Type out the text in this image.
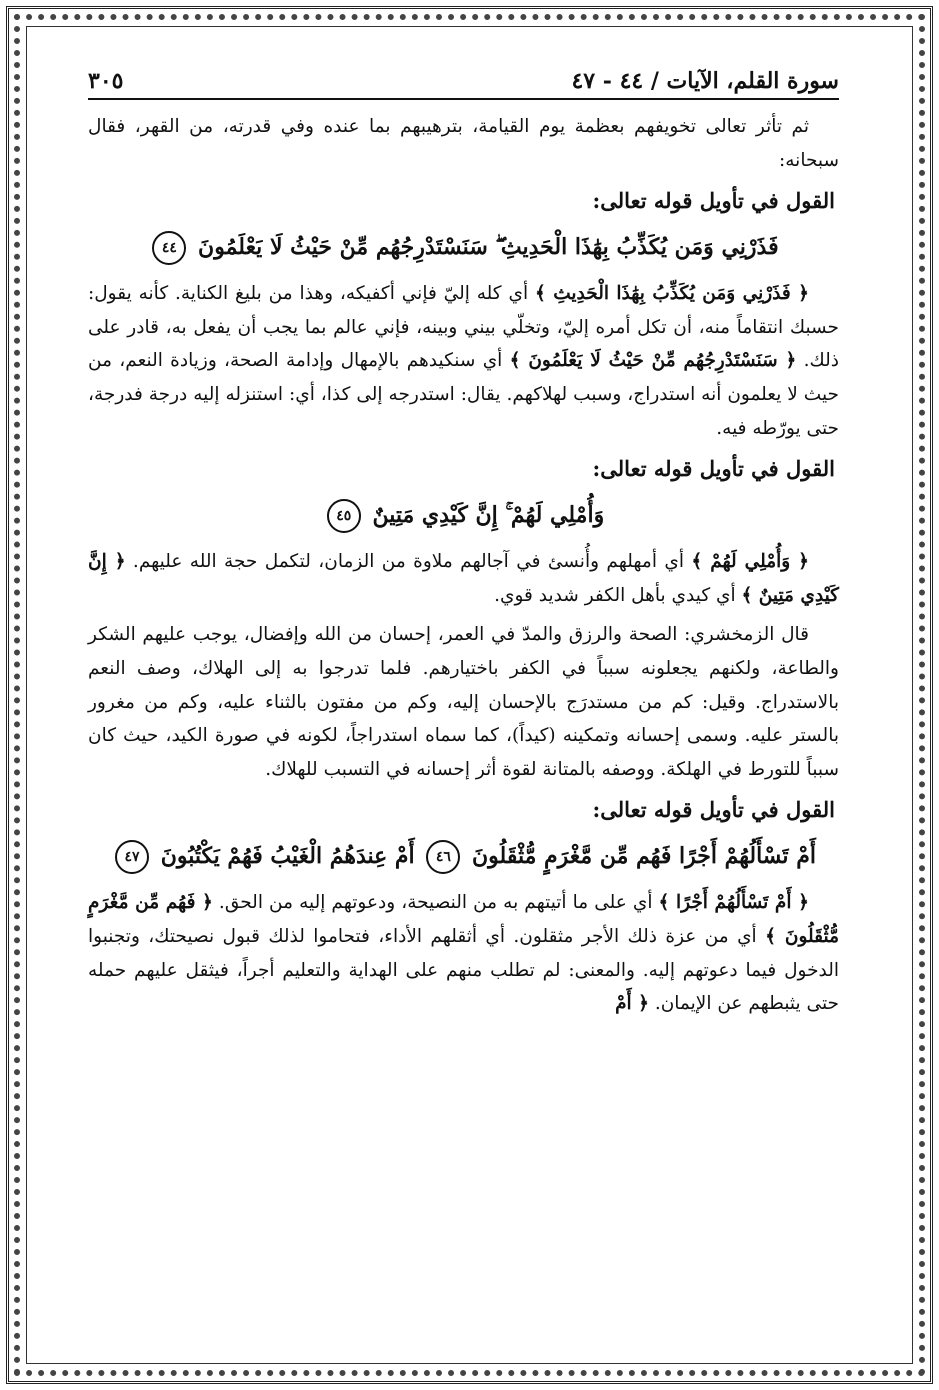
سورة القلم، الآيات / ٤٤ - ٤٧
٣٠٥

ثم تأثر تعالى تخويفهم بعظمة يوم القيامة، بترهيبهم بما عنده وفي قدرته، من القهر، فقال سبحانه:

القول في تأويل قوله تعالى:
فَذَرْنِي وَمَن يُكَذِّبُ بِهَٰذَا الْحَدِيثِ ۖ سَنَسْتَدْرِجُهُم مِّنْ حَيْثُ لَا يَعْلَمُونَ ٤٤

﴿ فَذَرْنِي وَمَن يُكَذِّبُ بِهَٰذَا الْحَدِيثِ ﴾ أي كله إليّ فإني أكفيكه، وهذا من بليغ الكناية. كأنه يقول: حسبك انتقاماً منه، أن تكل أمره إليّ، وتخلّي بيني وبينه، فإني عالم بما يجب أن يفعل به، قادر على ذلك. ﴿ سَنَسْتَدْرِجُهُم مِّنْ حَيْثُ لَا يَعْلَمُونَ ﴾ أي سنكيدهم بالإمهال وإدامة الصحة، وزيادة النعم، من حيث لا يعلمون أنه استدراج، وسبب لهلاكهم. يقال: استدرجه إلى كذا، أي: استنزله إليه درجة فدرجة، حتى يورّطه فيه.

القول في تأويل قوله تعالى:
وَأُمْلِي لَهُمْ ۚ إِنَّ كَيْدِي مَتِينٌ ٤٥

﴿ وَأُمْلِي لَهُمْ ﴾ أي أمهلهم وأُنسئ في آجالهم ملاوة من الزمان، لتكمل حجة الله عليهم. ﴿ إِنَّ كَيْدِي مَتِينٌ ﴾ أي كيدي بأهل الكفر شديد قوي.

قال الزمخشري: الصحة والرزق والمدّ في العمر، إحسان من الله وإفضال، يوجب عليهم الشكر والطاعة، ولكنهم يجعلونه سبباً في الكفر باختيارهم. فلما تدرجوا به إلى الهلاك، وصف النعم بالاستدراج. وقيل: كم من مستدرَج بالإحسان إليه، وكم من مفتون بالثناء عليه، وكم من مغرور بالستر عليه. وسمى إحسانه وتمكينه (كيداً)، كما سماه استدراجاً، لكونه في صورة الكيد، حيث كان سبباً للتورط في الهلكة. ووصفه بالمتانة لقوة أثر إحسانه في التسبب للهلاك.

القول في تأويل قوله تعالى:
أَمْ تَسْأَلُهُمْ أَجْرًا فَهُم مِّن مَّغْرَمٍ مُّثْقَلُونَ ٤٦ أَمْ عِندَهُمُ الْغَيْبُ فَهُمْ يَكْتُبُونَ ٤٧

﴿ أَمْ تَسْأَلُهُمْ أَجْرًا ﴾ أي على ما أتيتهم به من النصيحة، ودعوتهم إليه من الحق. ﴿ فَهُم مِّن مَّغْرَمٍ مُّثْقَلُونَ ﴾ أي من عزة ذلك الأجر مثقلون. أي أثقلهم الأداء، فتحاموا لذلك قبول نصيحتك، وتجنبوا الدخول فيما دعوتهم إليه. والمعنى: لم تطلب منهم على الهداية والتعليم أجراً، فيثقل عليهم حمله حتى يثبطهم عن الإيمان. ﴿ أَمْ
